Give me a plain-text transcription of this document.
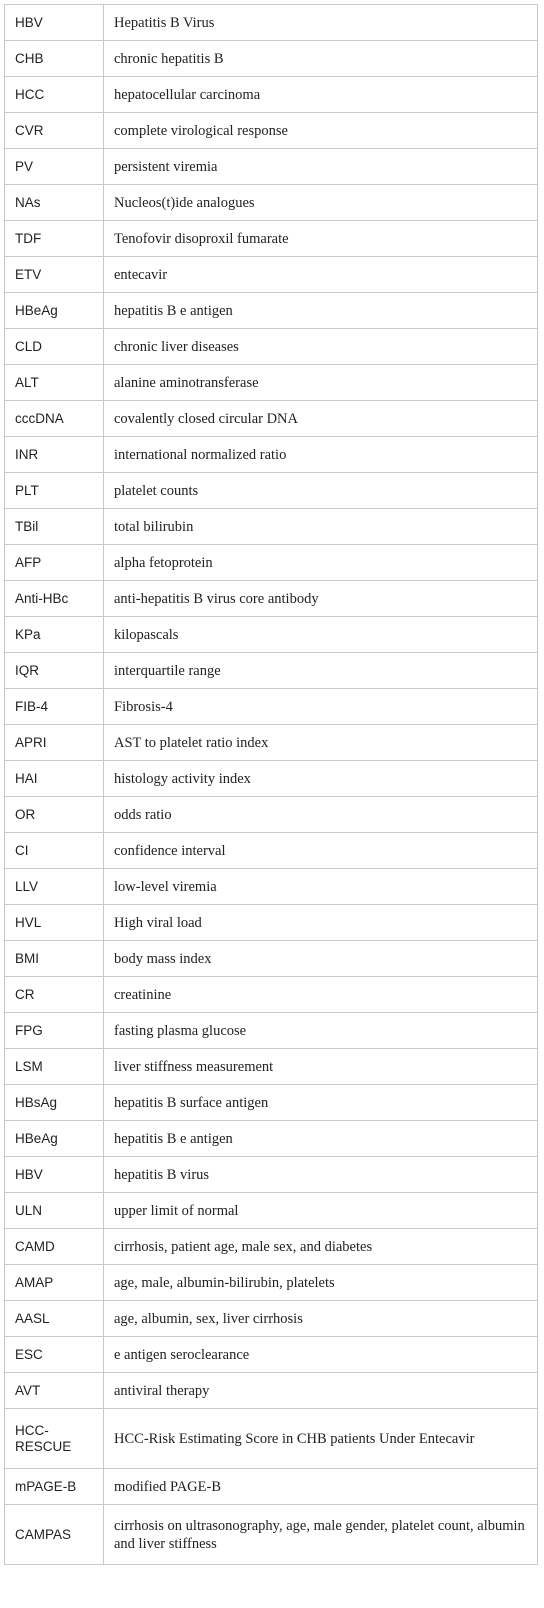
HBV	Hepatitis B Virus
CHB	chronic hepatitis B
HCC	hepatocellular carcinoma
CVR	complete virological response
PV	persistent viremia
NAs	Nucleos(t)ide analogues
TDF	Tenofovir disoproxil fumarate
ETV	entecavir
HBeAg	hepatitis B e antigen
CLD	chronic liver diseases
ALT	alanine aminotransferase
cccDNA	covalently closed circular DNA
INR	international normalized ratio
PLT	platelet counts
TBil	total bilirubin
AFP	alpha fetoprotein
Anti-HBc	anti-hepatitis B virus core antibody
KPa	kilopascals
IQR	interquartile range
FIB-4	Fibrosis-4
APRI	AST to platelet ratio index
HAI	histology activity index
OR	odds ratio
CI	confidence interval
LLV	low-level viremia
HVL	High viral load
BMI	body mass index
CR	creatinine
FPG	fasting plasma glucose
LSM	liver stiffness measurement
HBsAg	hepatitis B surface antigen
HBeAg	hepatitis B e antigen
HBV	hepatitis B virus
ULN	upper limit of normal
CAMD	cirrhosis, patient age, male sex, and diabetes
AMAP	age, male, albumin-bilirubin, platelets
AASL	age, albumin, sex, liver cirrhosis
ESC	e antigen seroclearance
AVT	antiviral therapy
HCC-RESCUE	HCC-Risk Estimating Score in CHB patients Under Entecavir
mPAGE-B	modified PAGE-B
CAMPAS	cirrhosis on ultrasonography, age, male gender, platelet count, albumin and liver stiffness
